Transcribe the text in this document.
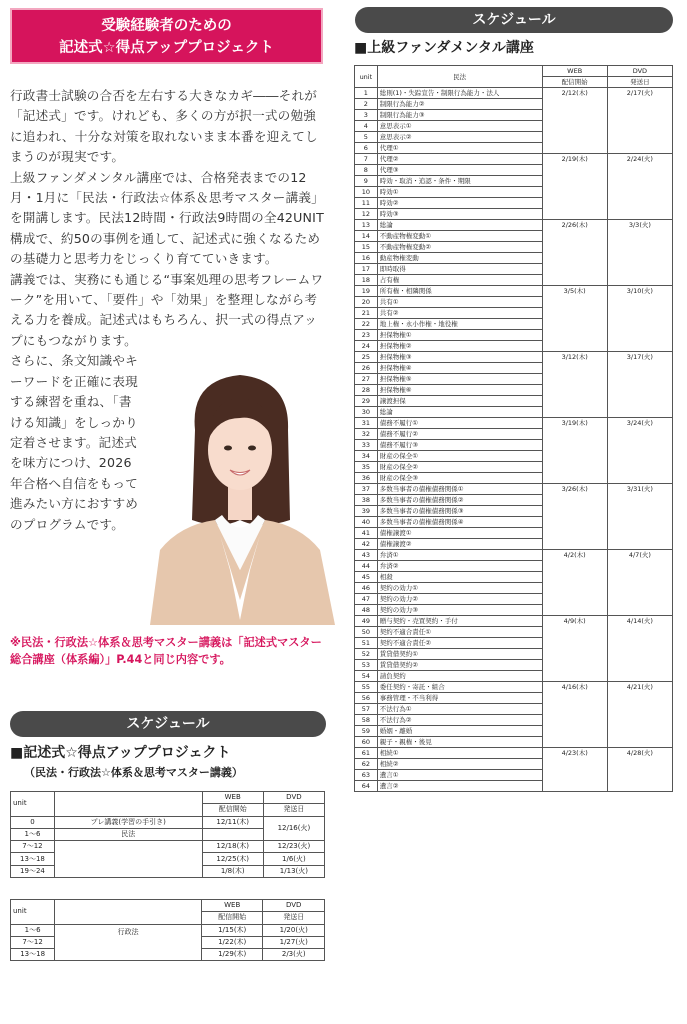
受験経験者のための
記述式☆得点アッププロジェクト

行政書士試験の合否を左右する大きなカギ――それが「記述式」です。けれども、多くの方が択一式の勉強に追われ、十分な対策を取れないまま本番を迎えてしまうのが現実です。

上級ファンダメンタル講座では、合格発表までの12月・1月に「民法・行政法☆体系＆思考マスター講義」を開講します。民法12時間・行政法9時間の全42UNIT構成で、約50の事例を通して、記述式に強くなるための基礎力と思考力をじっくり育てていきます。

講義では、実務にも通じる“事案処理の思考フレームワーク”を用いて、「要件」や「効果」を整理しながら考える力を養成。記述式はもちろん、択一式の得点アップにもつながります。

さらに、条文知識やキーワードを正確に表現する練習を重ね、「書ける知識」をしっかり定着させます。記述式を味方につけ、2026年合格へ自信をもって進みたい方におすすめのプログラムです。

※民法・行政法☆体系＆思考マスター講義は「記述式マスター総合講座（体系編）」P.44と同じ内容です。
スケジュール
■記述式☆得点アッププロジェクト
（民法・行政法☆体系＆思考マスター講義）
unit		WEB	DVD
		配信開始	発送日
0	プレ講義(学習の手引き)	12/11(木)	12/16(火)
1〜6	民法		
7〜12		12/18(木)	12/23(火)
13〜18		12/25(木)	1/6(火)
19〜24		1/8(木)	1/13(火)
unit		WEB	DVD
		配信開始	発送日
1〜6	行政法	1/15(木)	1/20(火)
7〜12		1/22(木)	1/27(火)
13〜18		1/29(木)	2/3(火)
スケジュール
■上級ファンダメンタル講座
unit	民法	WEB	DVD
		配信開始	発送日
1	総則(1)・失踪宣告・制限行為能力・法人	2/12(木)	2/17(火)
2	制限行為能力②		
3	制限行為能力③		
4	意思表示①		
5	意思表示②		
6	代理①		
7	代理②	2/19(木)	2/24(火)
8	代理③		
9	時効・取消・追認・条件・期限		
10	時効①		
11	時効②		
12	時効③		
13	総論	2/26(木)	3/3(火)
14	不動産物権変動①		
15	不動産物権変動②		
16	動産物権変動		
17	即時取得		
18	占有権		
19	所有権・相隣関係	3/5(木)	3/10(火)
20	共有①		
21	共有②		
22	地上権・永小作権・地役権		
23	担保物権①		
24	担保物権②		
25	担保物権③	3/12(木)	3/17(火)
26	担保物権④		
27	担保物権⑤		
28	担保物権⑥		
29	譲渡担保		
30	総論		
31	債務不履行①	3/19(木)	3/24(火)
32	債務不履行②		
33	債務不履行③		
34	財産の保全①		
35	財産の保全②		
36	財産の保全③		
37	多数当事者の債権債務関係①	3/26(木)	3/31(火)
38	多数当事者の債権債務関係②		
39	多数当事者の債権債務関係③		
40	多数当事者の債権債務関係④		
41	債権譲渡①		
42	債権譲渡②		
43	弁済①	4/2(木)	4/7(火)
44	弁済②		
45	相殺		
46	契約の効力①		
47	契約の効力②		
48	契約の効力③		
49	贈与契約・売買契約・手付	4/9(木)	4/14(火)
50	契約不適合責任①		
51	契約不適合責任②		
52	賃貸借契約①		
53	賃貸借契約②		
54	請負契約		
55	委任契約・寄託・組合	4/16(木)	4/21(火)
56	事務管理・不当利得		
57	不法行為①		
58	不法行為②		
59	婚姻・離婚		
60	親子・親権・後見		
61	相続①	4/23(木)	4/28(火)
62	相続②		
63	遺言①		
64	遺言②		
